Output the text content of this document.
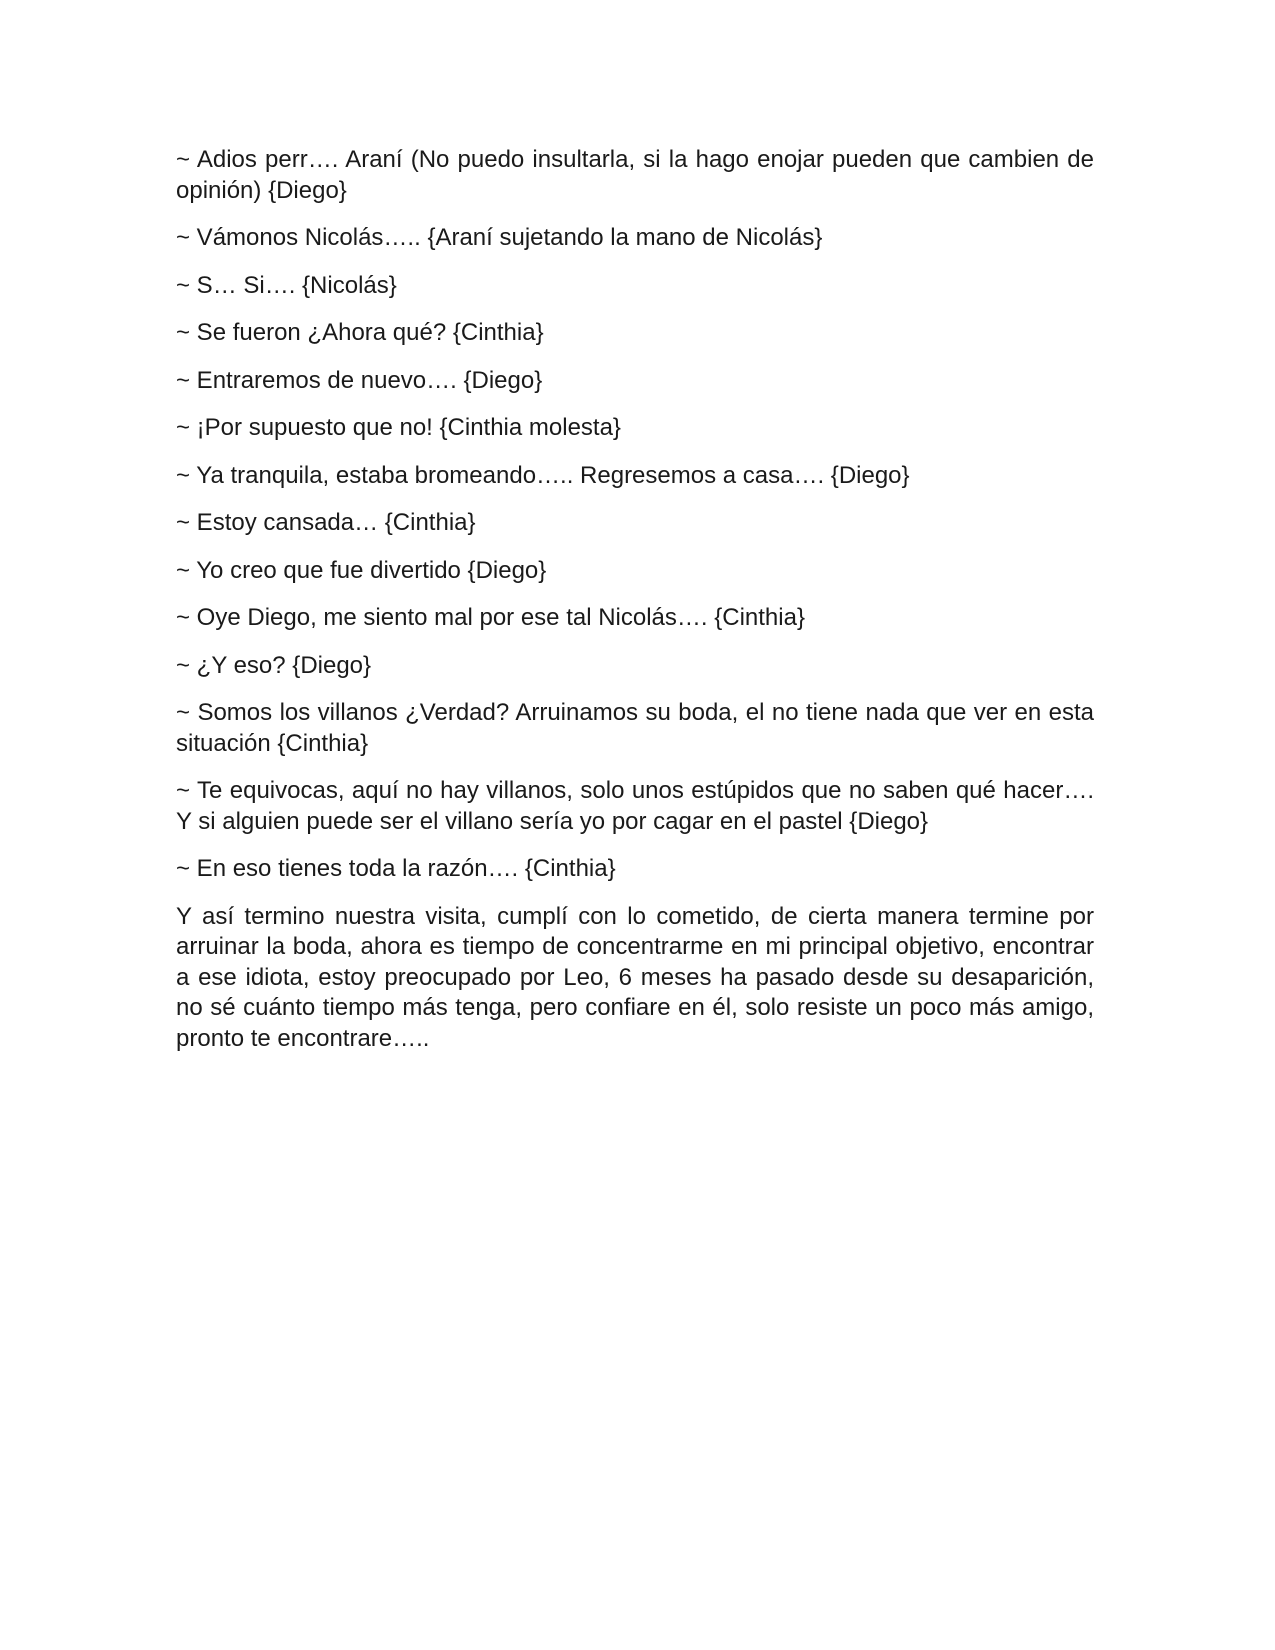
~ Adios perr…. Araní (No puedo insultarla, si la hago enojar pueden que cambien de opinión) {Diego}

~ Vámonos Nicolás….. {Araní sujetando la mano de Nicolás}

~ S… Si…. {Nicolás}

~ Se fueron ¿Ahora qué? {Cinthia}

~ Entraremos de nuevo…. {Diego}

~ ¡Por supuesto que no! {Cinthia molesta}

~ Ya tranquila, estaba bromeando….. Regresemos a casa…. {Diego}

~ Estoy cansada… {Cinthia}

~ Yo creo que fue divertido {Diego}

~ Oye Diego, me siento mal por ese tal Nicolás…. {Cinthia}

~ ¿Y eso? {Diego}

~ Somos los villanos ¿Verdad? Arruinamos su boda, el no tiene nada que ver en esta situación {Cinthia}

~ Te equivocas, aquí no hay villanos, solo unos estúpidos que no saben qué hacer…. Y si alguien puede ser el villano sería yo por cagar en el pastel {Diego}

~ En eso tienes toda la razón…. {Cinthia}

Y así termino nuestra visita, cumplí con lo cometido, de cierta manera termine por arruinar la boda, ahora es tiempo de concentrarme en mi principal objetivo, encontrar a ese idiota, estoy preocupado por Leo, 6 meses ha pasado desde su desaparición, no sé cuánto tiempo más tenga, pero confiare en él, solo resiste un poco más amigo, pronto te encontrare…..
